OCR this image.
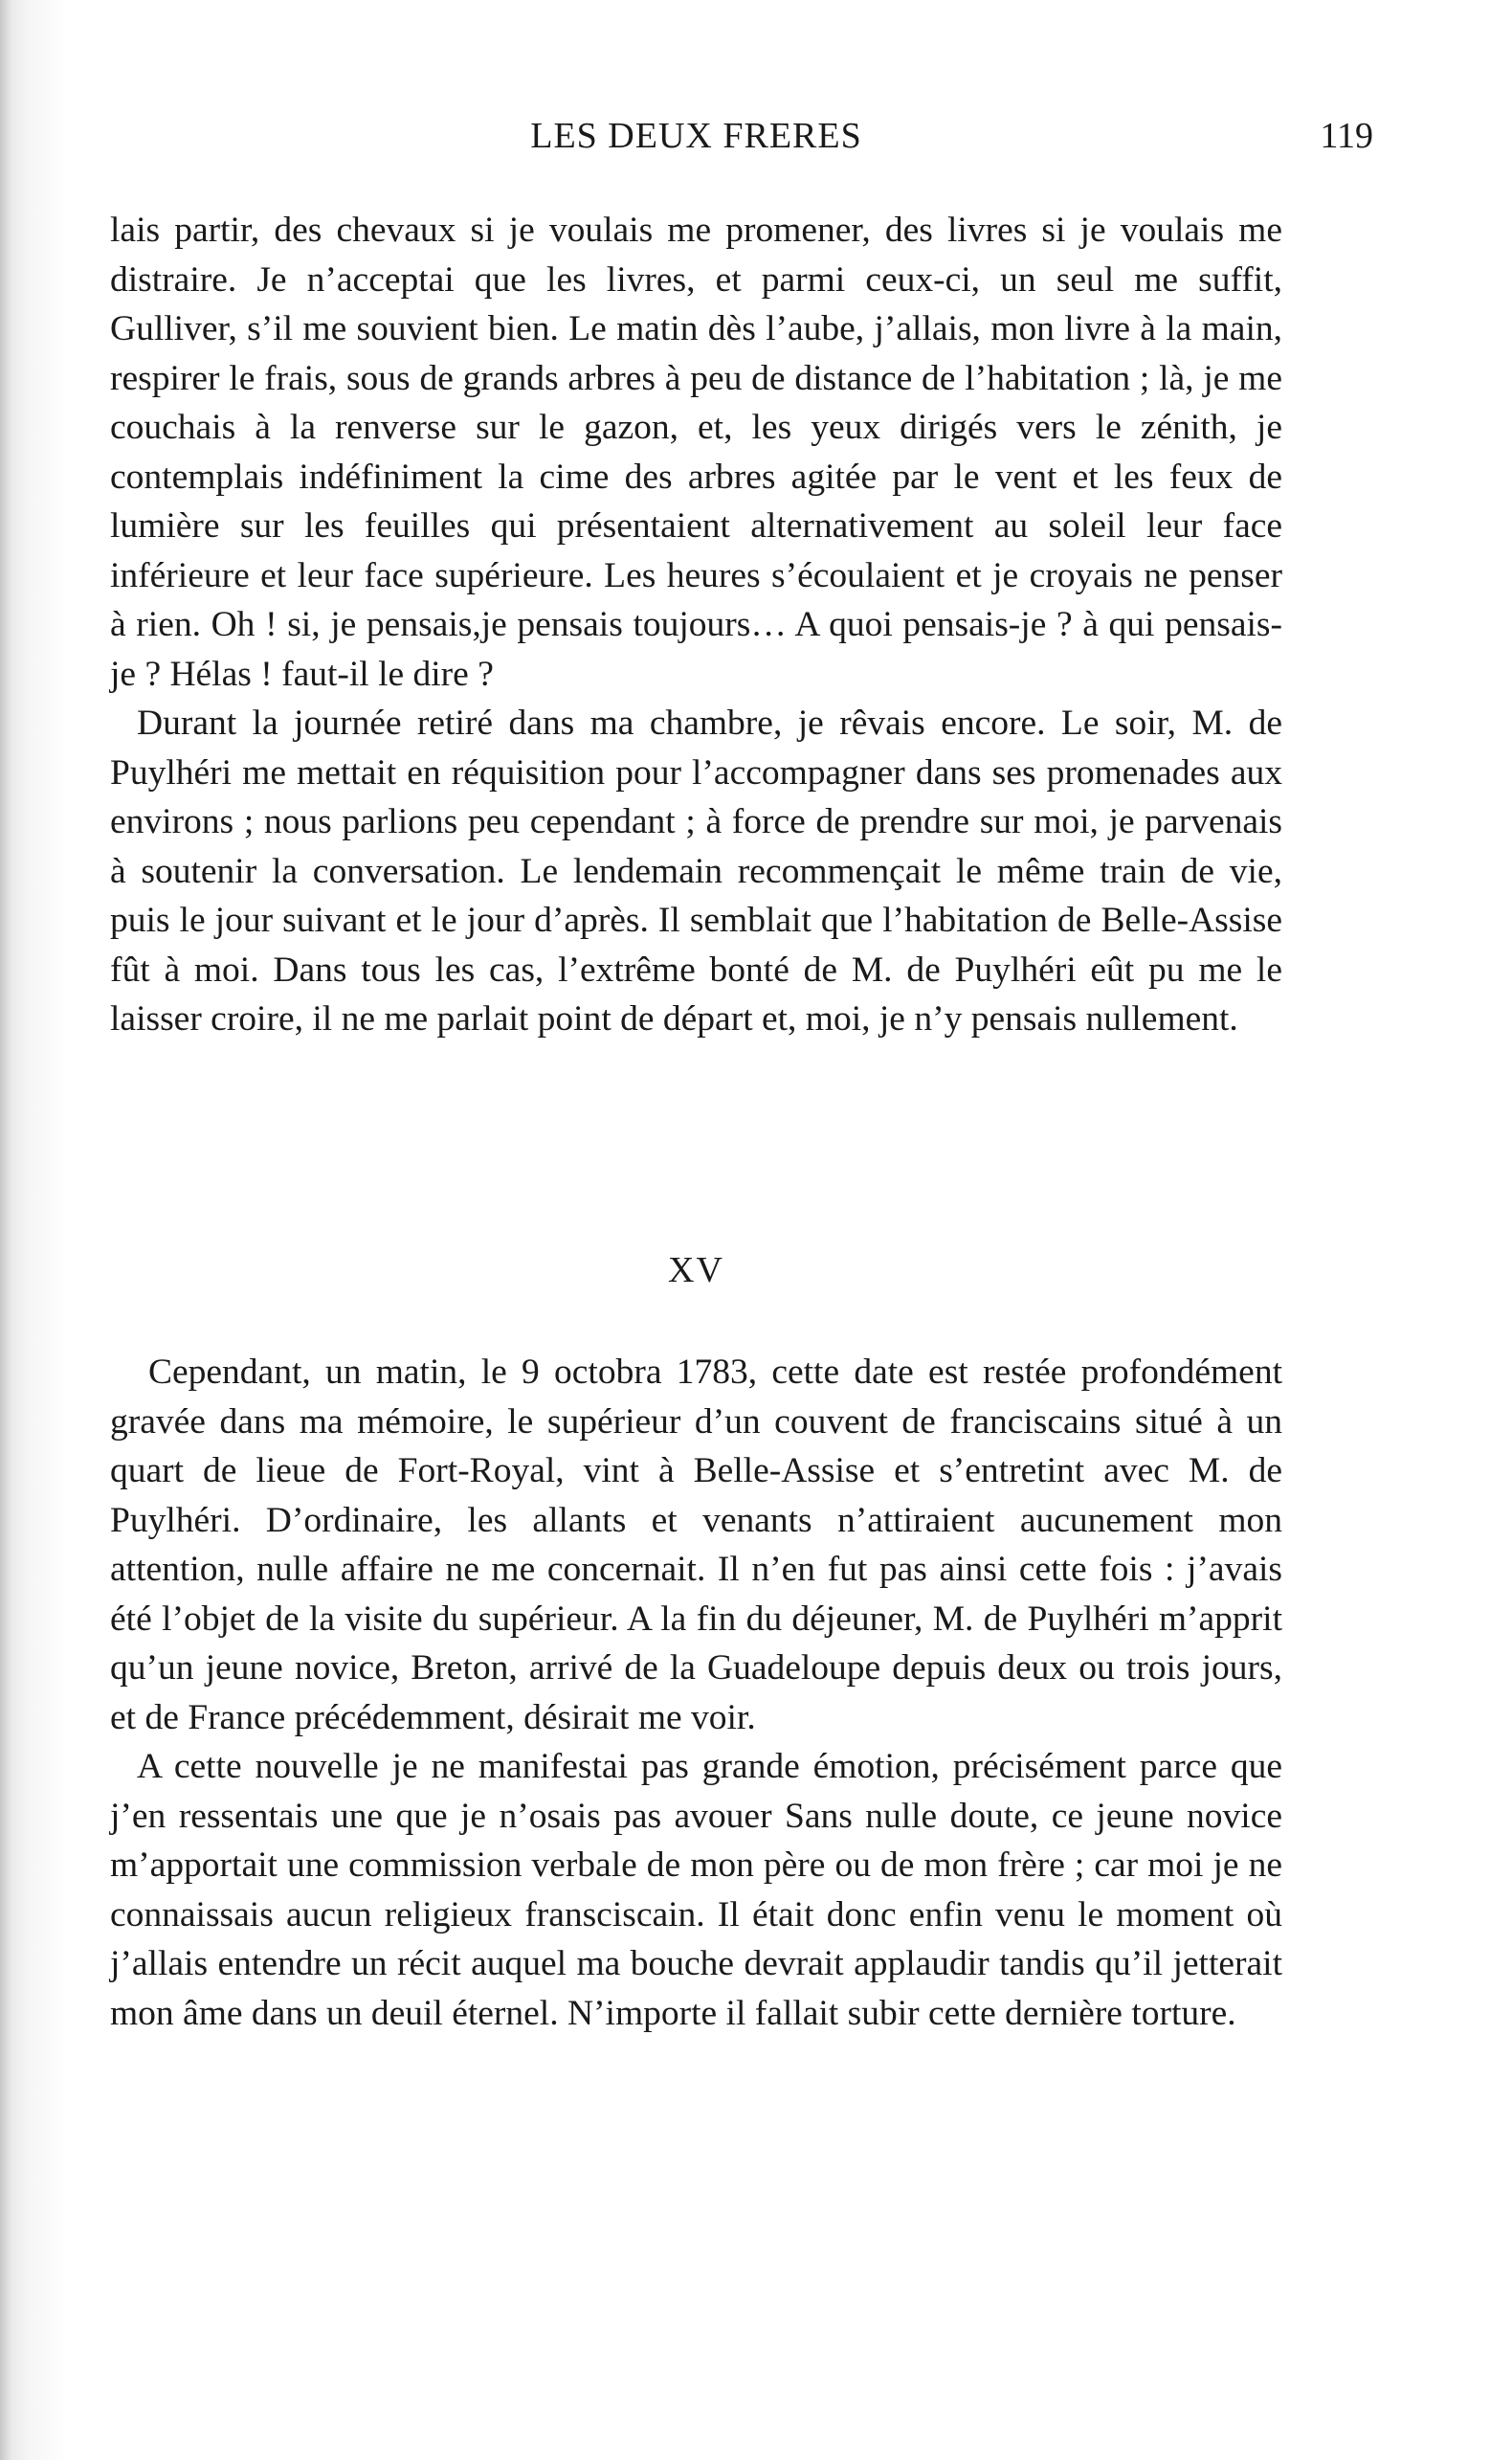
LES DEUX FRERES	119

lais partir, des chevaux si je voulais me promener, des livres si je voulais me distraire. Je n’acceptai que les livres, et parmi ceux-ci, un seul me suffit, Gulliver, s’il me souvient bien. Le matin dès l’aube, j’allais, mon livre à la main, respirer le frais, sous de grands arbres à peu de distance de l’habitation ; là, je me couchais à la renverse sur le gazon, et, les yeux dirigés vers le zénith, je contemplais indéfiniment la cime des arbres agitée par le vent et les feux de lumière sur les feuilles qui présentaient alternativement au soleil leur face inférieure et leur face supérieure. Les heures s’écoulaient et je croyais ne penser à rien. Oh ! si, je pensais,je pensais toujours… A quoi pensais-je ? à qui pensais-je ? Hélas ! faut-il le dire ?

Durant la journée retiré dans ma chambre, je rêvais encore. Le soir, M. de Puylhéri me mettait en réquisition pour l’accompagner dans ses promenades aux environs ; nous parlions peu cependant ; à force de prendre sur moi, je parvenais à soutenir la conversation. Le lendemain recommençait le même train de vie, puis le jour suivant et le jour d’après. Il semblait que l’habitation de Belle-Assise fût à moi. Dans tous les cas, l’extrême bonté de M. de Puylhéri eût pu me le laisser croire, il ne me parlait point de départ et, moi, je n’y pensais nullement.

XV

Cependant, un matin, le 9 octobra 1783, cette date est restée profondément gravée dans ma mémoire, le supérieur d’un couvent de franciscains situé à un quart de lieue de Fort-Royal, vint à Belle-Assise et s’entretint avec M. de Puylhéri. D’ordinaire, les allants et venants n’attiraient aucunement mon attention, nulle affaire ne me concernait. Il n’en fut pas ainsi cette fois : j’avais été l’objet de la visite du supérieur. A la fin du déjeuner, M. de Puylhéri m’apprit qu’un jeune novice, Breton, arrivé de la Guadeloupe depuis deux ou trois jours, et de France précédemment, désirait me voir.

A cette nouvelle je ne manifestai pas grande émotion, précisément parce que j’en ressentais une que je n’osais pas avouer Sans nulle doute, ce jeune novice m’apportait une commission verbale de mon père ou de mon frère ; car moi je ne connaissais aucun religieux fransciscain. Il était donc enfin venu le moment où j’allais entendre un récit auquel ma bouche devrait applaudir tandis qu’il jetterait mon âme dans un deuil éternel. N’importe il fallait subir cette dernière torture.
